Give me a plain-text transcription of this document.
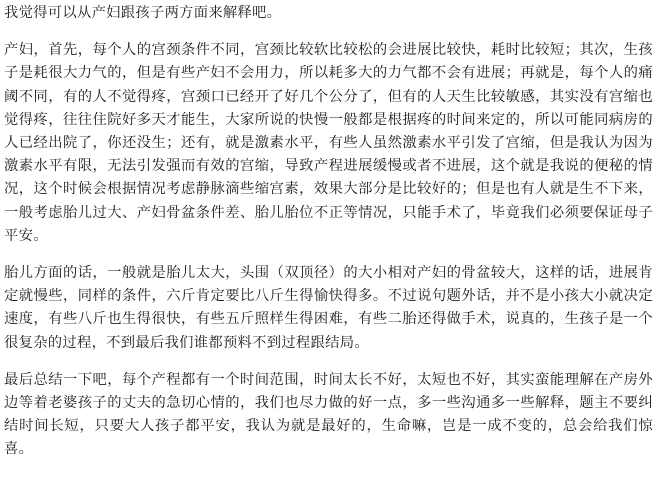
我觉得可以从产妇跟孩子两方面来解释吧。

产妇，首先，每个人的宫颈条件不同，宫颈比较软比较松的会进展比较快，耗时比较短；其次，生孩子是耗很大力气的，但是有些产妇不会用力，所以耗多大的力气都不会有进展；再就是，每个人的痛阈不同，有的人不觉得疼，宫颈口已经开了好几个公分了，但有的人天生比较敏感，其实没有宫缩也觉得疼，往往住院好多天才能生，大家所说的快慢一般都是根据疼的时间来定的，所以可能同病房的人已经出院了，你还没生；还有，就是激素水平，有些人虽然激素水平引发了宫缩，但是我认为因为激素水平有限，无法引发强而有效的宫缩，导致产程进展缓慢或者不进展，这个就是我说的便秘的情况，这个时候会根据情况考虑静脉滴些缩宫素，效果大部分是比较好的；但是也有人就是生不下来，一般考虑胎儿过大、产妇骨盆条件差、胎儿胎位不正等情况，只能手术了，毕竟我们必须要保证母子平安。

胎儿方面的话，一般就是胎儿太大，头围（双顶径）的大小相对产妇的骨盆较大，这样的话，进展肯定就慢些，同样的条件，六斤肯定要比八斤生得愉快得多。不过说句题外话，并不是小孩大小就决定速度，有些八斤也生得很快，有些五斤照样生得困难，有些二胎还得做手术，说真的，生孩子是一个很复杂的过程，不到最后我们谁都预料不到过程跟结局。

最后总结一下吧，每个产程都有一个时间范围，时间太长不好，太短也不好，其实蛮能理解在产房外边等着老婆孩子的丈夫的急切心情的，我们也尽力做的好一点，多一些沟通多一些解释，题主不要纠结时间长短，只要大人孩子都平安，我认为就是最好的，生命嘛，岂是一成不变的，总会给我们惊喜。
